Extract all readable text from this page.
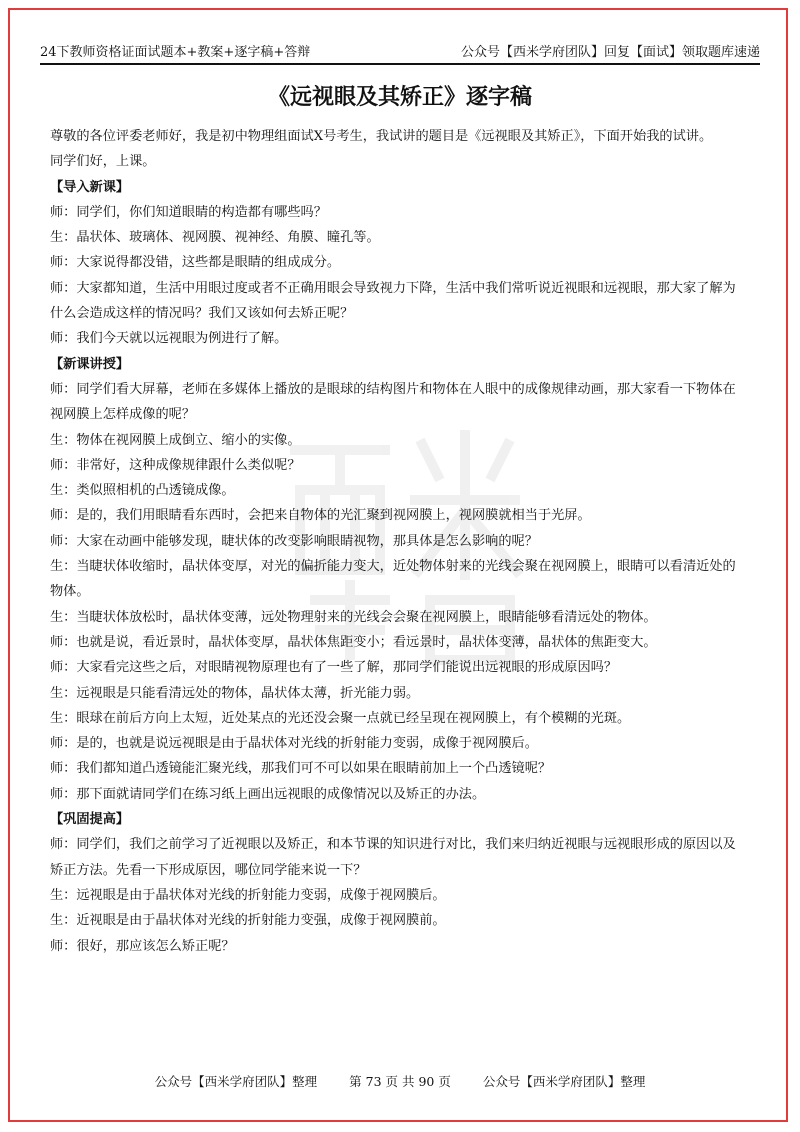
24下教师资格证面试题本+教案+逐字稿+答辩	公众号【西米学府团队】回复【面试】领取题库速递
《远视眼及其矫正》逐字稿

尊敬的各位评委老师好，我是初中物理组面试X号考生，我试讲的题目是《远视眼及其矫正》，下面开始我的试讲。

同学们好，上课。

【导入新课】

师：同学们，你们知道眼睛的构造都有哪些吗？

生：晶状体、玻璃体、视网膜、视神经、角膜、瞳孔等。

师：大家说得都没错，这些都是眼睛的组成成分。

师：大家都知道，生活中用眼过度或者不正确用眼会导致视力下降，生活中我们常听说近视眼和远视眼，那大家了解为什么会造成这样的情况吗？我们又该如何去矫正呢？

师：我们今天就以远视眼为例进行了解。

【新课讲授】

师：同学们看大屏幕，老师在多媒体上播放的是眼球的结构图片和物体在人眼中的成像规律动画，那大家看一下物体在视网膜上怎样成像的呢？

生：物体在视网膜上成倒立、缩小的实像。

师：非常好，这种成像规律跟什么类似呢？

生：类似照相机的凸透镜成像。

师：是的，我们用眼睛看东西时，会把来自物体的光汇聚到视网膜上，视网膜就相当于光屏。

师：大家在动画中能够发现，睫状体的改变影响眼睛视物，那具体是怎么影响的呢？

生：当睫状体收缩时，晶状体变厚，对光的偏折能力变大，近处物体射来的光线会聚在视网膜上，眼睛可以看清近处的物体。

生：当睫状体放松时，晶状体变薄，远处物理射来的光线会会聚在视网膜上，眼睛能够看清远处的物体。

师：也就是说，看近景时，晶状体变厚，晶状体焦距变小；看远景时，晶状体变薄，晶状体的焦距变大。

师：大家看完这些之后，对眼睛视物原理也有了一些了解，那同学们能说出远视眼的形成原因吗？

生：远视眼是只能看清远处的物体，晶状体太薄，折光能力弱。

生：眼球在前后方向上太短，近处某点的光还没会聚一点就已经呈现在视网膜上，有个模糊的光斑。

师：是的，也就是说远视眼是由于晶状体对光线的折射能力变弱，成像于视网膜后。

师：我们都知道凸透镜能汇聚光线，那我们可不可以如果在眼睛前加上一个凸透镜呢？

师：那下面就请同学们在练习纸上画出远视眼的成像情况以及矫正的办法。

【巩固提高】

师：同学们，我们之前学习了近视眼以及矫正，和本节课的知识进行对比，我们来归纳近视眼与远视眼形成的原因以及矫正方法。先看一下形成原因，哪位同学能来说一下？

生：远视眼是由于晶状体对光线的折射能力变弱，成像于视网膜后。

生：近视眼是由于晶状体对光线的折射能力变强，成像于视网膜前。

师：很好，那应该怎么矫正呢？

公众号【西米学府团队】整理	第 73 页 共 90 页	公众号【西米学府团队】整理
